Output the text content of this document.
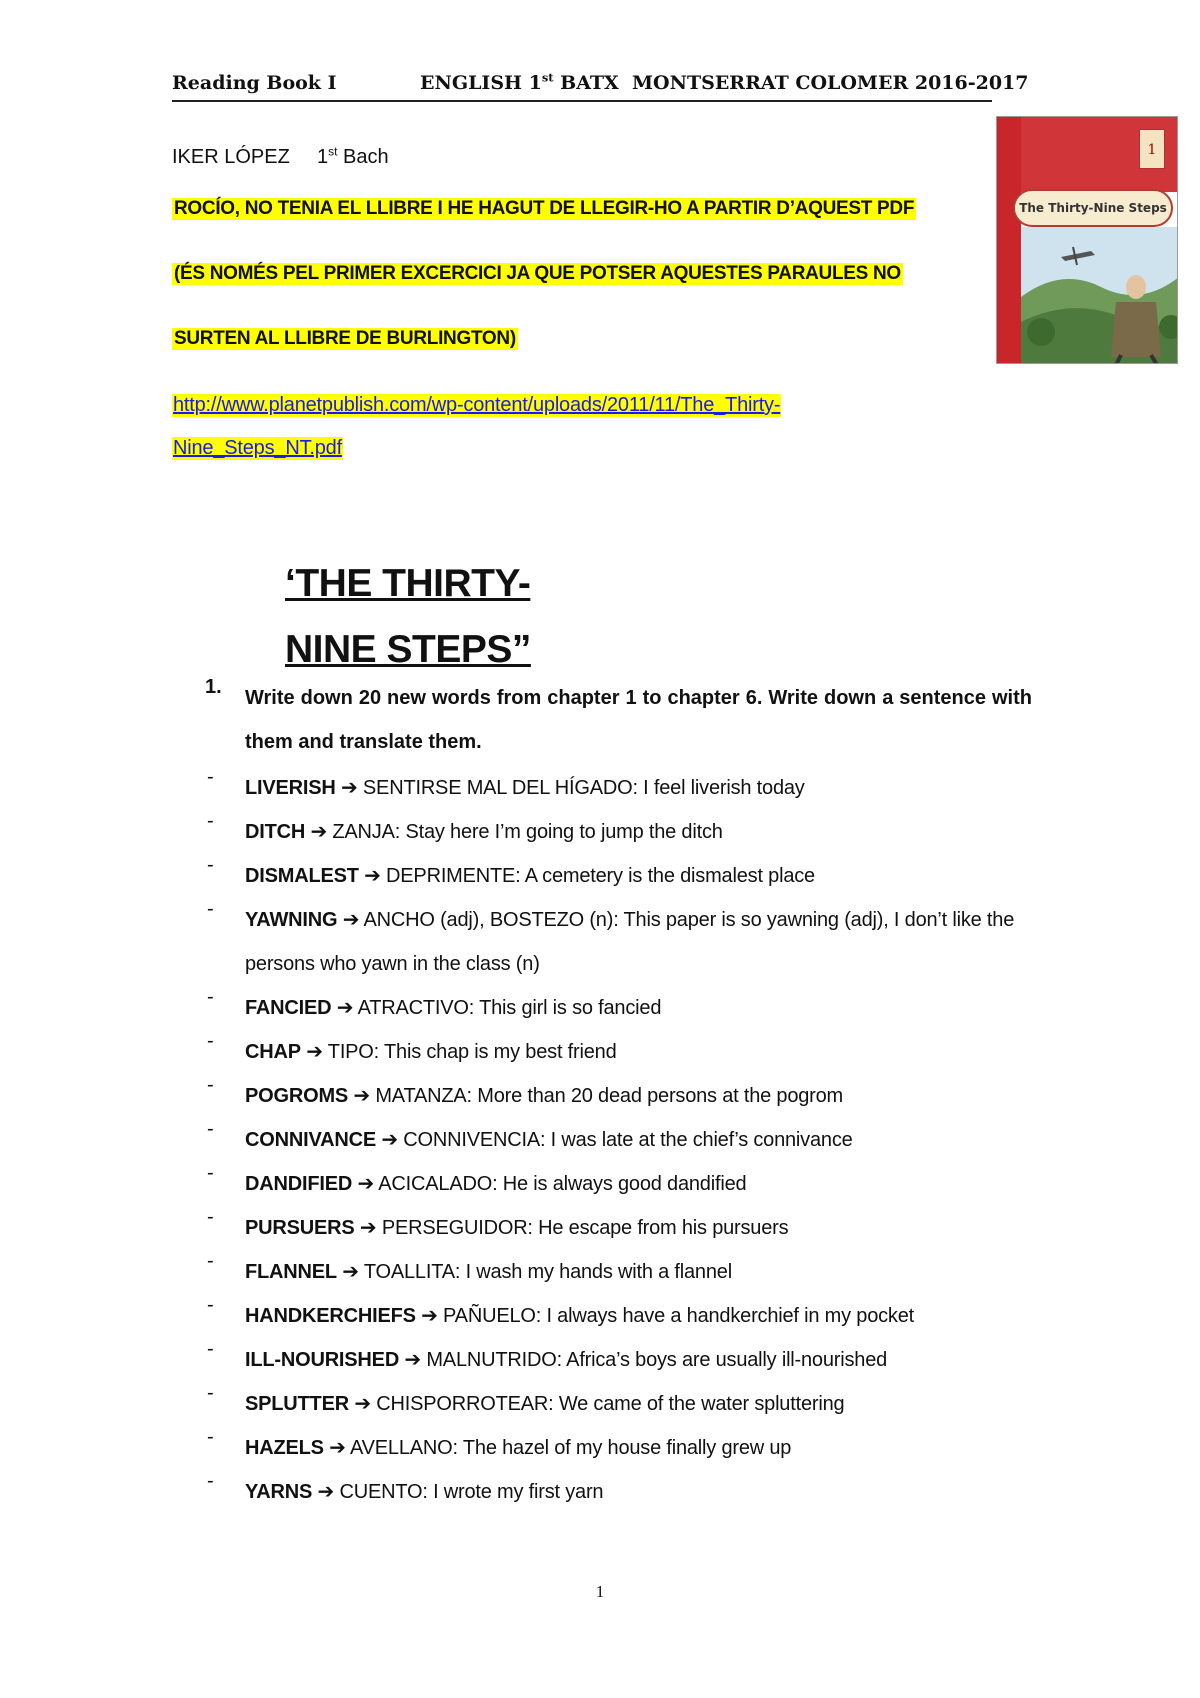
Reading Book I	ENGLISH 1st BATX  MONTSERRAT COLOMER 2016-2017
IKER LÓPEZ 1st Bach
ROCÍO, NO TENIA EL LLIBRE I HE HAGUT DE LLEGIR-HO A PARTIR D’AQUEST PDF
(ÉS NOMÉS PEL PRIMER EXCERCICI JA QUE POTSER AQUESTES PARAULES NO
SURTEN AL LLIBRE DE BURLINGTON)
http://www.planetpublish.com/wp-content/uploads/2011/11/The_Thirty-
Nine_Steps_NT.pdf
1
The Thirty-Nine Steps
‘THE THIRTY-
NINE STEPS”
1. Write down 20 new words from chapter 1 to chapter 6. Write down a sentence with them and translate them.
- LIVERISH ➔ SENTIRSE MAL DEL HÍGADO: I feel liverish today
- DITCH ➔ ZANJA: Stay here I’m going to jump the ditch
- DISMALEST ➔ DEPRIMENTE: A cemetery is the dismalest place
- YAWNING ➔ ANCHO (adj), BOSTEZO (n): This paper is so yawning (adj), I don’t like the persons who yawn in the class (n)
- FANCIED ➔ ATRACTIVO: This girl is so fancied
- CHAP ➔ TIPO: This chap is my best friend
- POGROMS ➔ MATANZA: More than 20 dead persons at the pogrom
- CONNIVANCE ➔ CONNIVENCIA: I was late at the chief’s connivance
- DANDIFIED ➔ ACICALADO: He is always good dandified
- PURSUERS ➔ PERSEGUIDOR: He escape from his pursuers
- FLANNEL ➔ TOALLITA: I wash my hands with a flannel
- HANDKERCHIEFS ➔ PAÑUELO: I always have a handkerchief in my pocket
- ILL-NOURISHED ➔ MALNUTRIDO: Africa’s boys are usually ill-nourished
- SPLUTTER ➔ CHISPORROTEAR: We came of the water spluttering
- HAZELS ➔ AVELLANO: The hazel of my house finally grew up
- YARNS ➔ CUENTO: I wrote my first yarn
1
